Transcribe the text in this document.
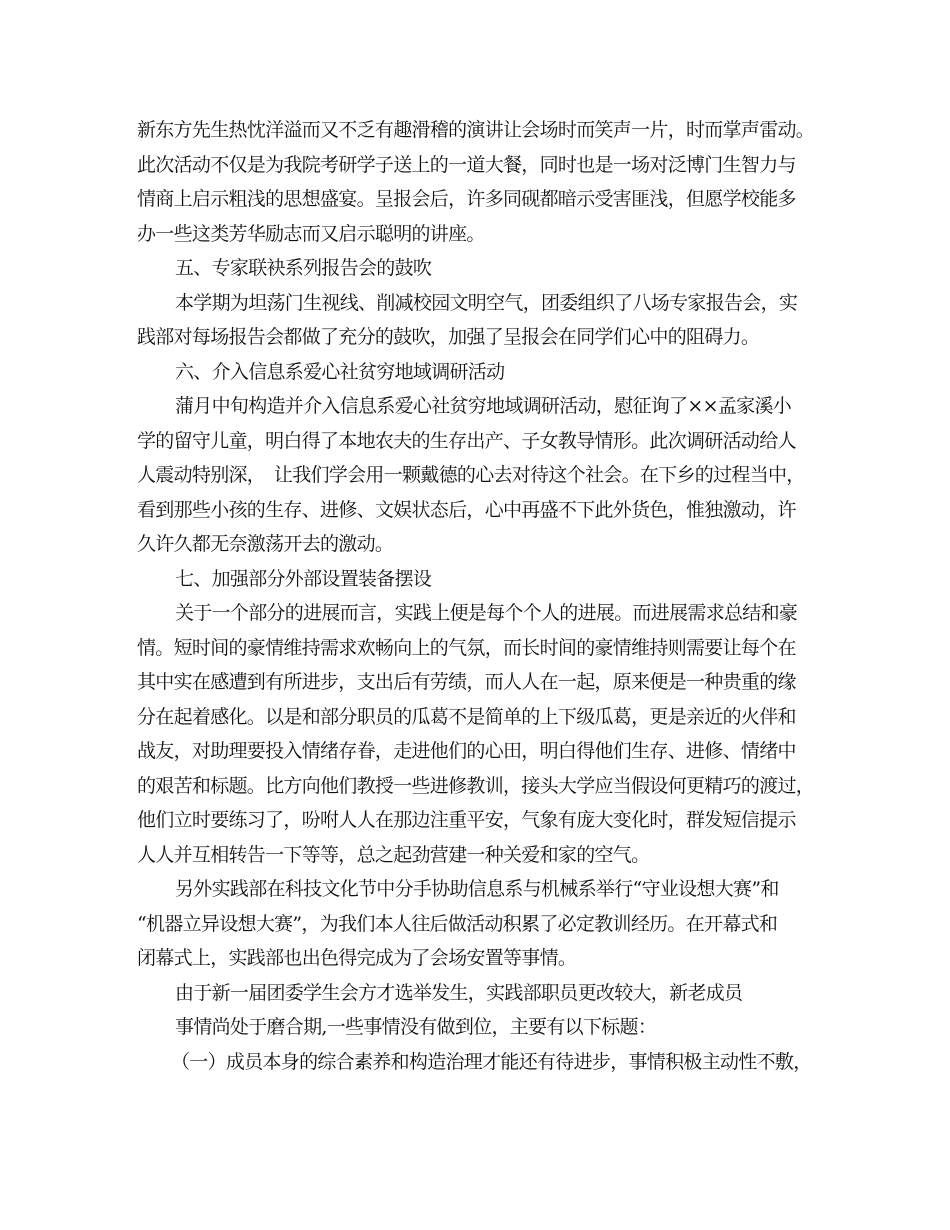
新东方先生热忱洋溢而又不乏有趣滑稽的演讲让会场时而笑声一片，时而掌声雷动。
此次活动不仅是为我院考研学子送上的一道大餐，同时也是一场对泛博门生智力与
情商上启示粗浅的思想盛宴。呈报会后，许多同砚都暗示受害匪浅，但愿学校能多
办一些这类芳华励志而又启示聪明的讲座。
五、专家联袂系列报告会的鼓吹
本学期为坦荡门生视线、削减校园文明空气，团委组织了八场专家报告会，实
践部对每场报告会都做了充分的鼓吹，加强了呈报会在同学们心中的阻碍力。
六、介入信息系爱心社贫穷地域调研活动
蒲月中旬构造并介入信息系爱心社贫穷地域调研活动，慰征询了××孟家溪小
学的留守儿童，明白得了本地农夫的生存出产、子女教导情形。此次调研活动给人
人震动特别深，　让我们学会用一颗戴德的心去对待这个社会。在下乡的过程当中，
看到那些小孩的生存、进修、文娱状态后，心中再盛不下此外货色，惟独激动，许
久许久都无奈激荡开去的激动。
七、加强部分外部设置装备摆设
关于一个部分的进展而言，实践上便是每个个人的进展。而进展需求总结和豪
情。短时间的豪情维持需求欢畅向上的气氛，而长时间的豪情维持则需要让每个在
其中实在感遭到有所进步，支出后有劳绩，而人人在一起，原来便是一种贵重的缘
分在起着感化。以是和部分职员的瓜葛不是简单的上下级瓜葛，更是亲近的火伴和
战友，对助理要投入情绪存眷，走进他们的心田，明白得他们生存、进修、情绪中
的艰苦和标题。比方向他们教授一些进修教训，接头大学应当假设何更精巧的渡过，
他们立时要练习了，吩咐人人在那边注重平安，气象有庞大变化时，群发短信提示
人人并互相转告一下等等，总之起劲营建一种关爱和家的空气。
另外实践部在科技文化节中分手协助信息系与机械系举行“守业设想大赛”和
“机器立异设想大赛”，为我们本人往后做活动积累了必定教训经历。在开幕式和
闭幕式上，实践部也出色得完成为了会场安置等事情。
由于新一届团委学生会方才选举发生，实践部职员更改较大，新老成员
事情尚处于磨合期,一些事情没有做到位，主要有以下标题：
（一）成员本身的综合素养和构造治理才能还有待进步，事情积极主动性不敷，
